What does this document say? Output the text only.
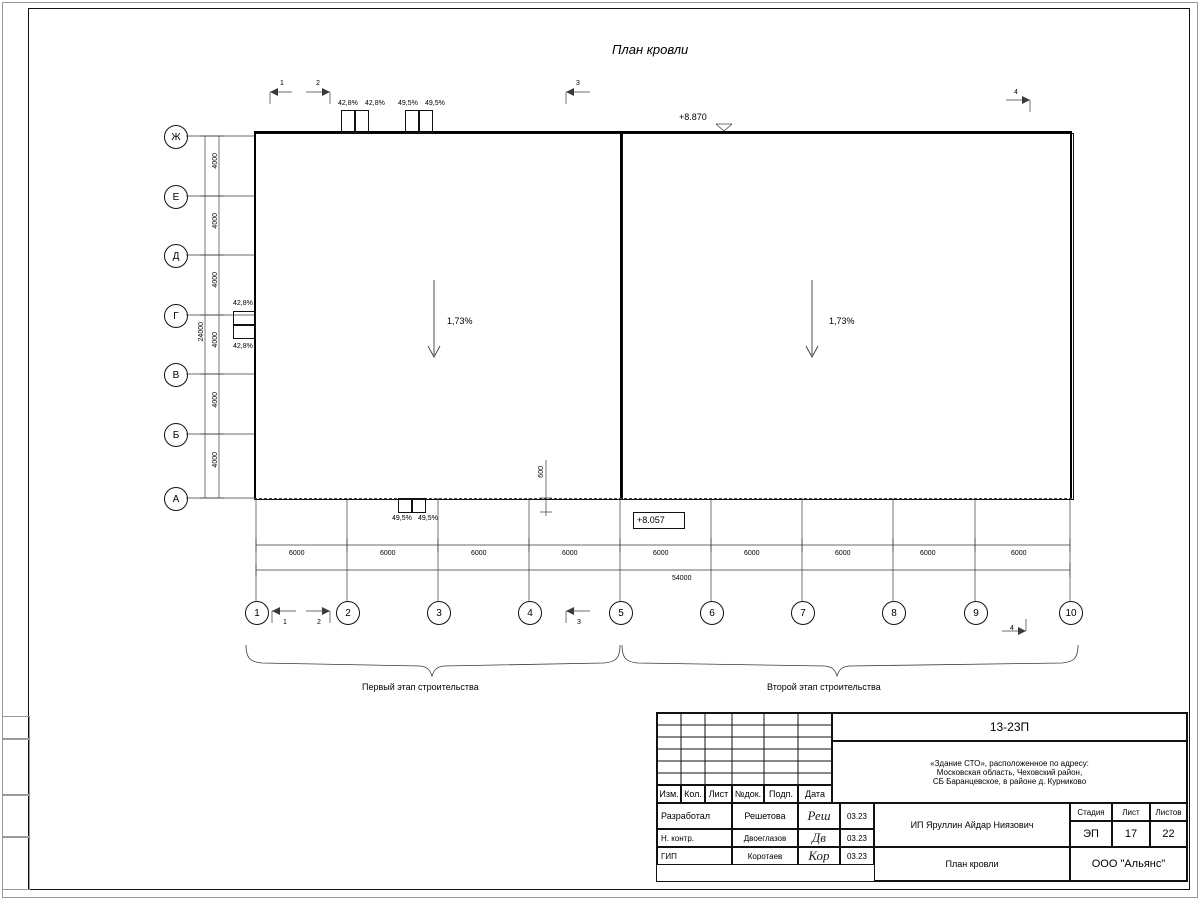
План кровли
42,8% 42,8% 49,5% 49,5%
49,5% 49,5%
42,8%
42,8%
+8.870
+8.057
1,73%	1,73%
600
Ж
Е
Д
Г
В
Б
А
4000
4000
4000
4000
4000
4000
24000
1	2	3	4	5	6	7	8	9	10
6000	6000	6000	6000	6000	6000	6000	6000	6000
54000
1	2	3
4
1	2	3
4
Первый этап строительства	Второй этап строительства
Изм. Кол. Лист №док. Подп.	Дата
Разработал	Решетова	Реш	03.23
Н. контр.	Двоеглазов	Дв	03.23
ГИП	Коротаев	Кор	03.23
13-23П
«Здание СТО», расположенное по адресу:
Московская область, Чеховский район,
СБ Баранцевское, в районе д. Курниково
ИП Яруллин Айдар Ниязович
План кровли
Стадия	Лист	Листов
ЭП	17	22
ООО "Альянс"
